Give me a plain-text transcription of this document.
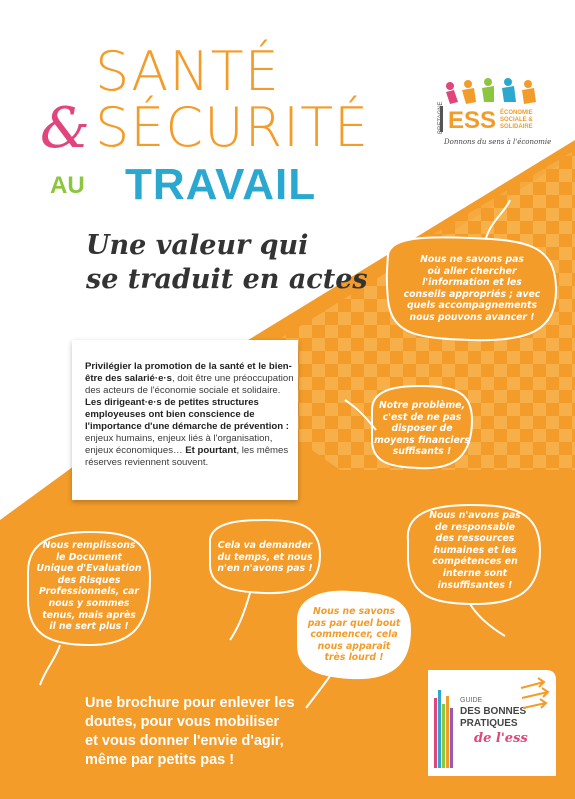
SANTÉ
& SÉCURITÉ
AU TRAVAIL
Une valeur qui
se traduit en actes
BRETAGNE ESS ÉCONOMIE
SOCIALE &
SOLIDAIRE
Donnons du sens à l'économie

Privilégier la promotion de la santé et le bien-être des salarié·e·s, doit être une préoccupation des acteurs de l'économie sociale et solidaire.
Les dirigeant·e·s de petites structures employeuses ont bien conscience de l'importance d'une démarche de prévention : enjeux humains, enjeux liés à l'organisation, enjeux économiques… Et pourtant, les mêmes réserves reviennent souvent.

Nous ne savons pas
où aller chercher
l'information et les
conseils appropriés ; avec
quels accompagnements
nous pouvons avancer !
Notre problème,
c'est de ne pas
disposer de
moyens financiers
suffisants !
Nous n'avons pas
de responsable
des ressources
humaines et les
compétences en
interne sont
insuffisantes !
Nous remplissons
le Document
Unique d'Evaluation
des Risques
Professionnels, car
nous y sommes
tenus, mais après
il ne sert plus !
Cela va demander
du temps, et nous
n'en n'avons pas !
Nous ne savons
pas par quel bout
commencer, cela
nous apparaît
très lourd !
Une brochure pour enlever les
doutes, pour vous mobiliser
et vous donner l'envie d'agir,
même par petits pas !
GUIDE
DES BONNES
PRATIQUES
de l'ess
